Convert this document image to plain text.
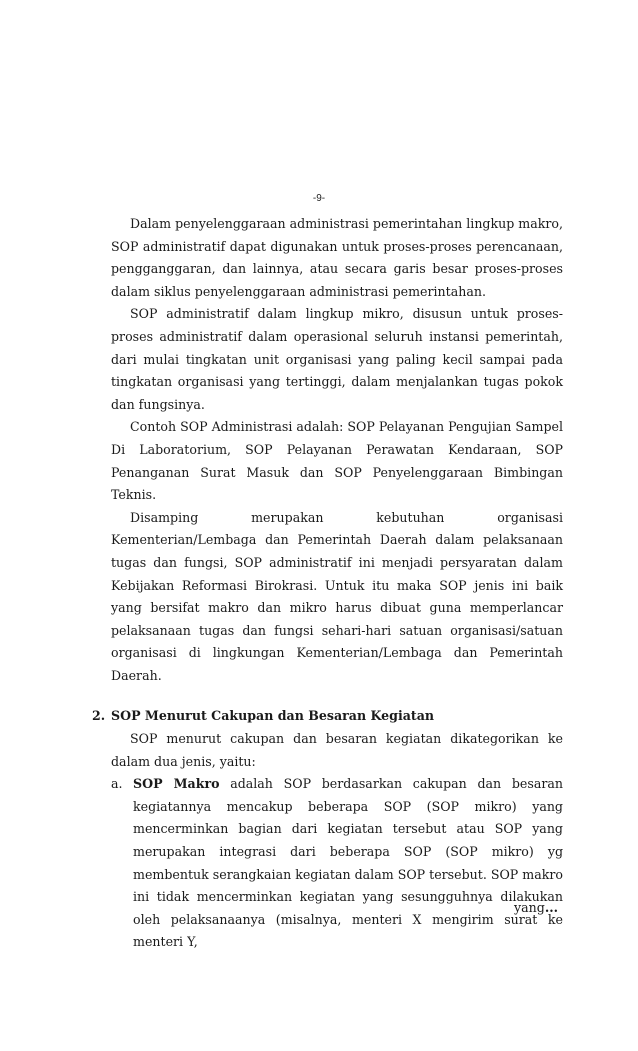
-9-

Dalam penyelenggaraan administrasi pemerintahan lingkup makro, SOP administratif dapat digunakan untuk proses-proses perencanaan, pengganggaran, dan lainnya, atau secara garis besar proses-proses dalam siklus penyelenggaraan administrasi pemerintahan.

SOP administratif dalam lingkup mikro, disusun untuk proses-proses administratif dalam operasional seluruh instansi pemerintah, dari mulai tingkatan unit organisasi yang paling kecil sampai pada tingkatan organisasi yang tertinggi, dalam menjalankan tugas pokok dan fungsinya.

Contoh SOP Administrasi adalah: SOP Pelayanan Pengujian Sampel Di Laboratorium, SOP Pelayanan Perawatan Kendaraan, SOP Penanganan Surat Masuk dan SOP Penyelenggaraan Bimbingan Teknis.

Disamping merupakan kebutuhan organisasi Kementerian/Lembaga dan Pemerintah Daerah dalam pelaksanaan tugas dan fungsi, SOP administratif ini menjadi persyaratan dalam Kebijakan Reformasi Birokrasi. Untuk itu maka SOP jenis ini baik yang bersifat makro dan mikro harus dibuat guna memperlancar pelaksanaan tugas dan fungsi sehari-hari satuan organisasi/satuan organisasi di lingkungan Kementerian/Lembaga dan Pemerintah Daerah.

2. SOP Menurut Cakupan dan Besaran Kegiatan

SOP menurut cakupan dan besaran kegiatan dikategorikan ke dalam dua jenis, yaitu:

a. SOP Makro adalah SOP berdasarkan cakupan dan besaran kegiatannya mencakup beberapa SOP (SOP mikro) yang mencerminkan bagian dari kegiatan tersebut atau SOP yang merupakan integrasi dari beberapa SOP (SOP mikro) yg membentuk serangkaian kegiatan dalam SOP tersebut. SOP makro ini tidak mencerminkan kegiatan yang sesungguhnya dilakukan oleh pelaksanaanya (misalnya, menteri X mengirim surat ke menteri Y,

yang...
